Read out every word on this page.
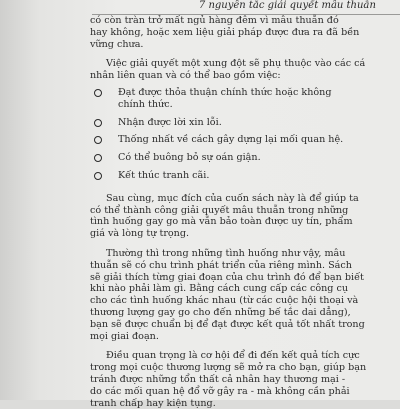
7 nguyên tắc giải quyết mâu thuẫn
có còn tràn trở mất ngủ hàng đêm vì mâu thuẫn đó
hay không, hoặc xem liệu giải pháp được đưa ra đã bền
vững chưa.
Việc giải quyết một xung đột sẽ phụ thuộc vào các cá
nhân liên quan và có thể bao gồm việc:
Đạt được thỏa thuận chính thức hoặc không
chính thức.
Nhận được lời xin lỗi.
Thống nhất về cách gây dựng lại mối quan hệ.
Có thể buông bỏ sự oán giận.
Kết thúc tranh cãi.
Sau cùng, mục đích của cuốn sách này là để giúp ta
có thể thành công giải quyết mâu thuẫn trong những
tình huống gay go mà vẫn bảo toàn được uy tín, phẩm
giá và lòng tự trọng.
Thường thì trong những tình huống như vậy, mâu
thuẫn sẽ có chu trình phát triển của riêng mình. Sách
sẽ giải thích từng giai đoạn của chu trình đó để bạn biết
khi nào phải làm gì. Bằng cách cung cấp các công cụ
cho các tình huống khác nhau (từ các cuộc hội thoại và
thương lượng gay go cho đến những bế tắc dai dẳng),
bạn sẽ được chuẩn bị để đạt được kết quả tốt nhất trong
mọi giai đoạn.
Điều quan trọng là cơ hội để đi đến kết quả tích cực
trong mọi cuộc thương lượng sẽ mở ra cho bạn, giúp bạn
tránh được những tổn thất cả nhân hay thương mại -
do các mối quan hệ đổ vỡ gây ra - mà không cần phải
tranh chấp hay kiện tụng.
